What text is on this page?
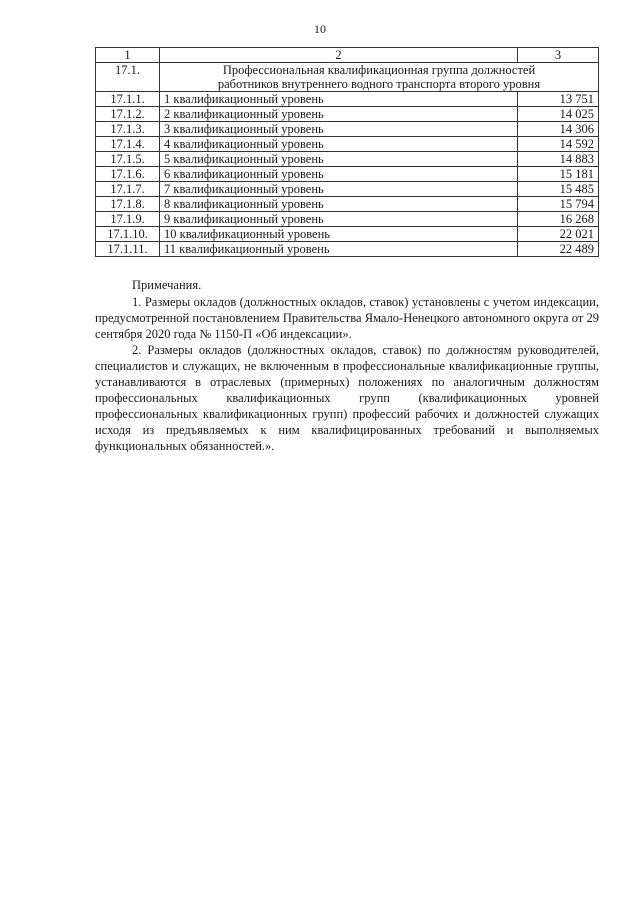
10
1	2	3
17.1.	Профессиональная квалификационная группа должностей
работников внутреннего водного транспорта второго уровня	

17.1.1.	1 квалификационный уровень	13 751
17.1.2.	2 квалификационный уровень	14 025
17.1.3.	3 квалификационный уровень	14 306
17.1.4.	4 квалификационный уровень	14 592
17.1.5.	5 квалификационный уровень	14 883
17.1.6.	6 квалификационный уровень	15 181
17.1.7.	7 квалификационный уровень	15 485
17.1.8.	8 квалификационный уровень	15 794
17.1.9.	9 квалификационный уровень	16 268
17.1.10.	10 квалификационный уровень	22 021
17.1.11.	11 квалификационный уровень	22 489

Примечания.

1. Размеры окладов (должностных окладов, ставок) установлены с учетом индексации, предусмотренной постановлением Правительства Ямало-Ненецкого автономного округа от 29 сентября 2020 года № 1150-П «Об индексации».

2. Размеры окладов (должностных окладов, ставок) по должностям руководителей, специалистов и служащих, не включенным в профессиональные квалификационные группы, устанавливаются в отраслевых (примерных) положениях по аналогичным должностям профессиональных квалификационных групп (квалификационных уровней профессиональных квалификационных групп) профессий рабочих и должностей служащих исходя из предъявляемых к ним квалифицированных требований и выполняемых функциональных обязанностей.».
